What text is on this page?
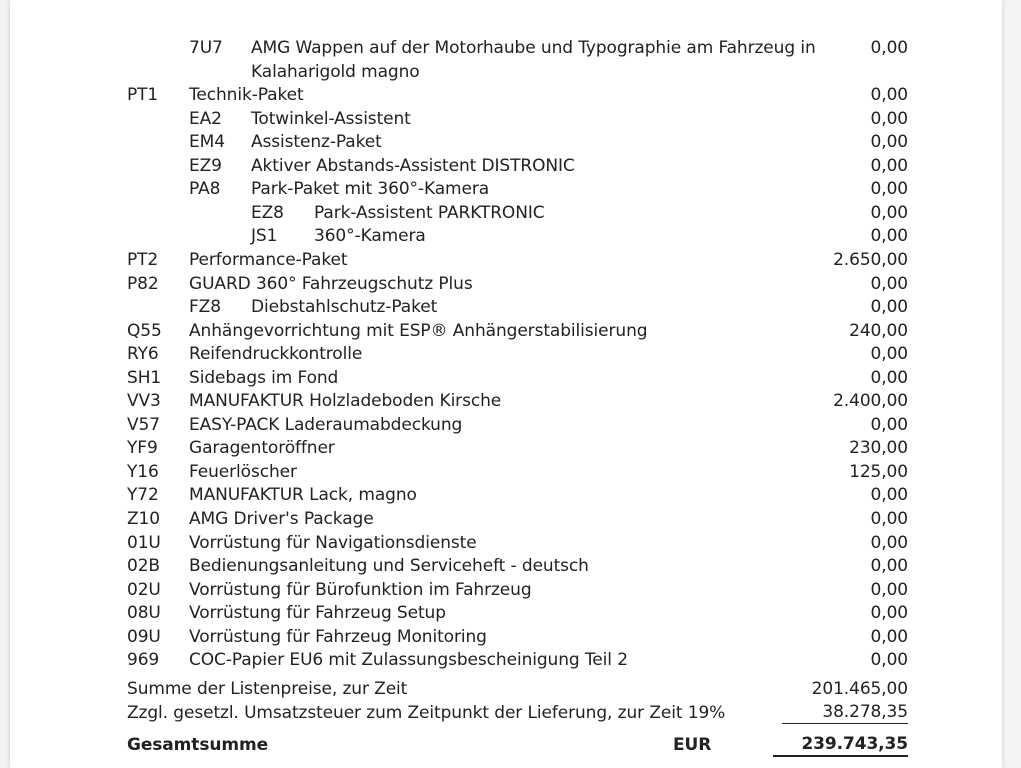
7U7 AMG Wappen auf der Motorhaube und Typographie am Fahrzeug in	0,00
Kalaharigold magno
PT1 Technik-Paket	0,00
EA2 Totwinkel-Assistent	0,00
EM4 Assistenz-Paket	0,00
EZ9 Aktiver Abstands-Assistent DISTRONIC	0,00
PA8 Park-Paket mit 360°-Kamera	0,00
EZ8 Park-Assistent PARKTRONIC	0,00
JS1 360°-Kamera	0,00
PT2 Performance-Paket	2.650,00
P82 GUARD 360° Fahrzeugschutz Plus	0,00
FZ8 Diebstahlschutz-Paket	0,00
Q55 Anhängevorrichtung mit ESP® Anhängerstabilisierung	240,00
RY6 Reifendruckkontrolle	0,00
SH1 Sidebags im Fond	0,00
VV3 MANUFAKTUR Holzladeboden Kirsche	2.400,00
V57 EASY-PACK Laderaumabdeckung	0,00
YF9 Garagentoröffner	230,00
Y16 Feuerlöscher	125,00
Y72 MANUFAKTUR Lack, magno	0,00
Z10 AMG Driver's Package	0,00
01U Vorrüstung für Navigationsdienste	0,00
02B Bedienungsanleitung und Serviceheft - deutsch	0,00
02U Vorrüstung für Bürofunktion im Fahrzeug	0,00
08U Vorrüstung für Fahrzeug Setup	0,00
09U Vorrüstung für Fahrzeug Monitoring	0,00
969 COC-Papier EU6 mit Zulassungsbescheinigung Teil 2	0,00
Summe der Listenpreise, zur Zeit	201.465,00
Zzgl. gesetzl. Umsatzsteuer zum Zeitpunkt der Lieferung, zur Zeit 19%	38.278,35
Gesamtsumme	EUR	239.743,35
